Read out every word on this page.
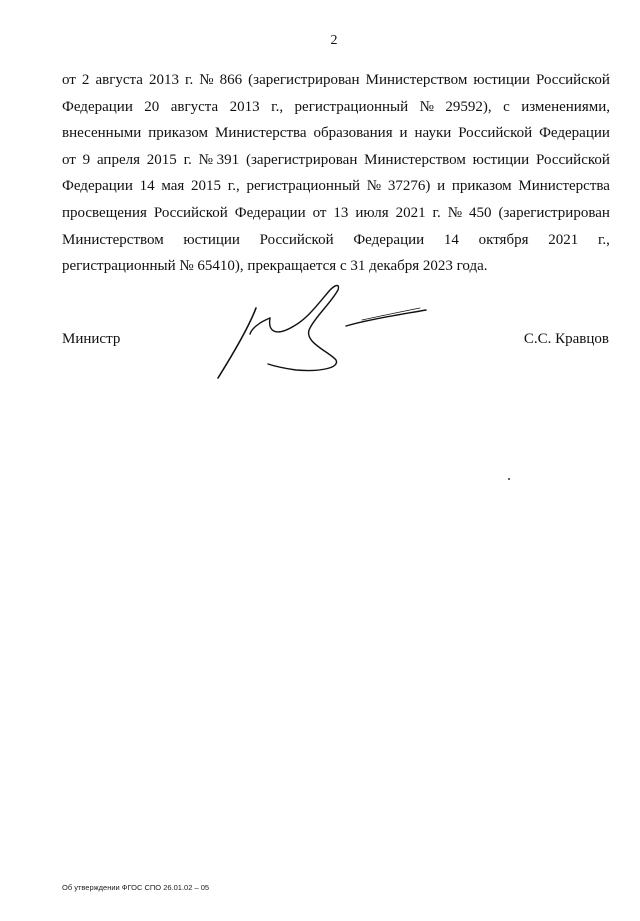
2
от 2 августа 2013 г. № 866 (зарегистрирован Министерством юстиции Российской
Федерации 20 августа 2013 г., регистрационный № 29592), с изменениями,
внесенными приказом Министерства образования и науки Российской Федерации
от 9 апреля 2015 г. № 391 (зарегистрирован Министерством юстиции Российской
Федерации 14 мая 2015 г., регистрационный № 37276) и приказом Министерства
просвещения Российской Федерации от 13 июля 2021 г. № 450 (зарегистрирован
Министерством юстиции Российской Федерации 14 октября 2021 г.,
регистрационный № 65410), прекращается с 31 декабря 2023 года.
Министр	С.С. Кравцов
Об утверждении ФГОС СПО 26.01.02 – 05
